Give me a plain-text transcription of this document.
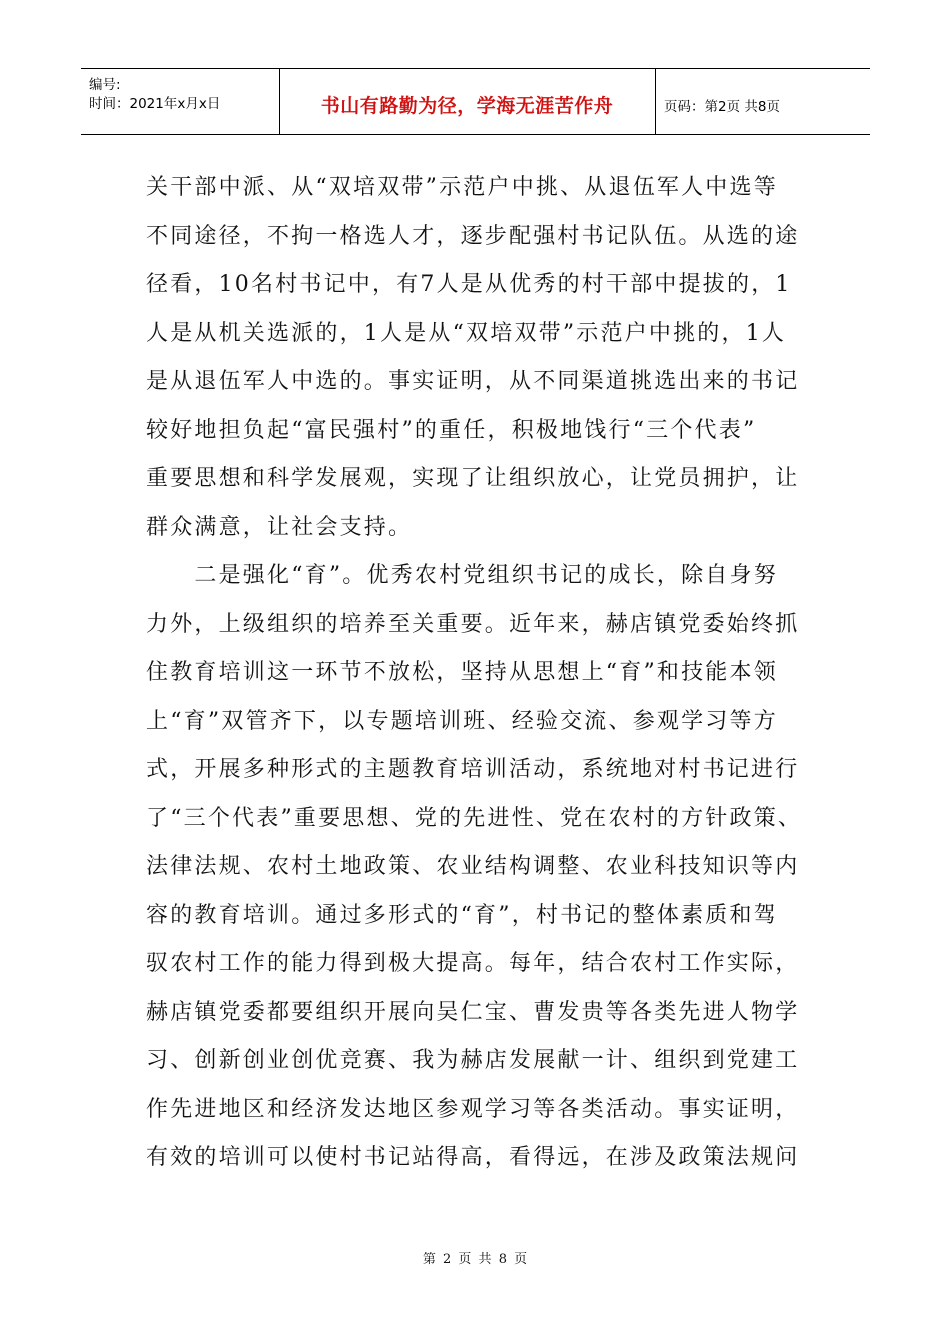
编号:
时间：2021年x月x日	书山有路勤为径，学海无涯苦作舟	页码：第2页 共8页
关干部中派、从“双培双带”示范户中挑、从退伍军人中选等
不同途径，不拘一格选人才，逐步配强村书记队伍。从选的途
径看，10名村书记中，有7人是从优秀的村干部中提拔的，1
人是从机关选派的，1人是从“双培双带”示范户中挑的，1人
是从退伍军人中选的。事实证明，从不同渠道挑选出来的书记
较好地担负起“富民强村”的重任，积极地饯行“三个代表”
重要思想和科学发展观，实现了让组织放心，让党员拥护，让
群众满意，让社会支持。
　　二是强化“育”。优秀农村党组织书记的成长，除自身努
力外，上级组织的培养至关重要。近年来，赫店镇党委始终抓
住教育培训这一环节不放松，坚持从思想上“育”和技能本领
上“育”双管齐下，以专题培训班、经验交流、参观学习等方
式，开展多种形式的主题教育培训活动，系统地对村书记进行
了“三个代表”重要思想、党的先进性、党在农村的方针政策、
法律法规、农村土地政策、农业结构调整、农业科技知识等内
容的教育培训。通过多形式的“育”，村书记的整体素质和驾
驭农村工作的能力得到极大提高。每年，结合农村工作实际，
赫店镇党委都要组织开展向吴仁宝、曹发贵等各类先进人物学
习、创新创业创优竞赛、我为赫店发展献一计、组织到党建工
作先进地区和经济发达地区参观学习等各类活动。事实证明，
有效的培训可以使村书记站得高，看得远，在涉及政策法规问
第 2 页 共 8 页
